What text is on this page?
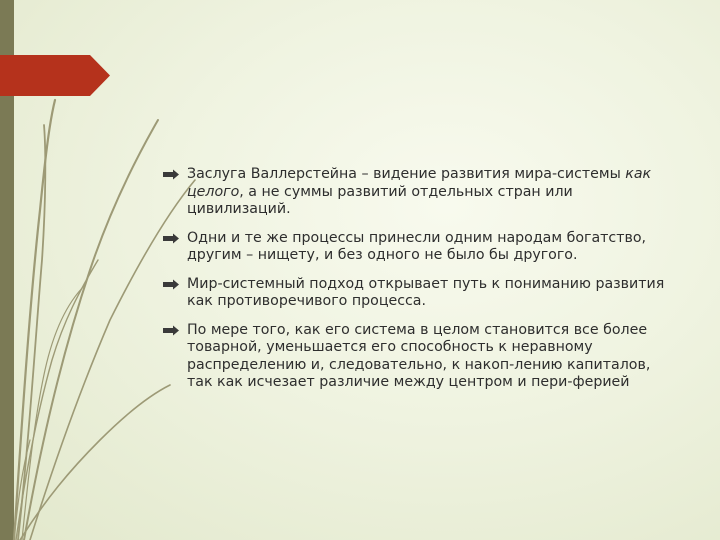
Заслуга Валлерстейна – видение развития мира-системы как целого, а не суммы развитий отдельных стран или цивилизаций.
Одни и те же процессы принесли одним народам богатство, другим – нищету, и без одного не было бы другого.
Мир-системный подход открывает путь к пониманию развития как противоречивого процесса.
По мере того, как его система в целом становится все более товарной, уменьшается его способность к неравному распределению и, следовательно, к накоп-лению капиталов, так как исчезает различие между центром и пери-ферией
